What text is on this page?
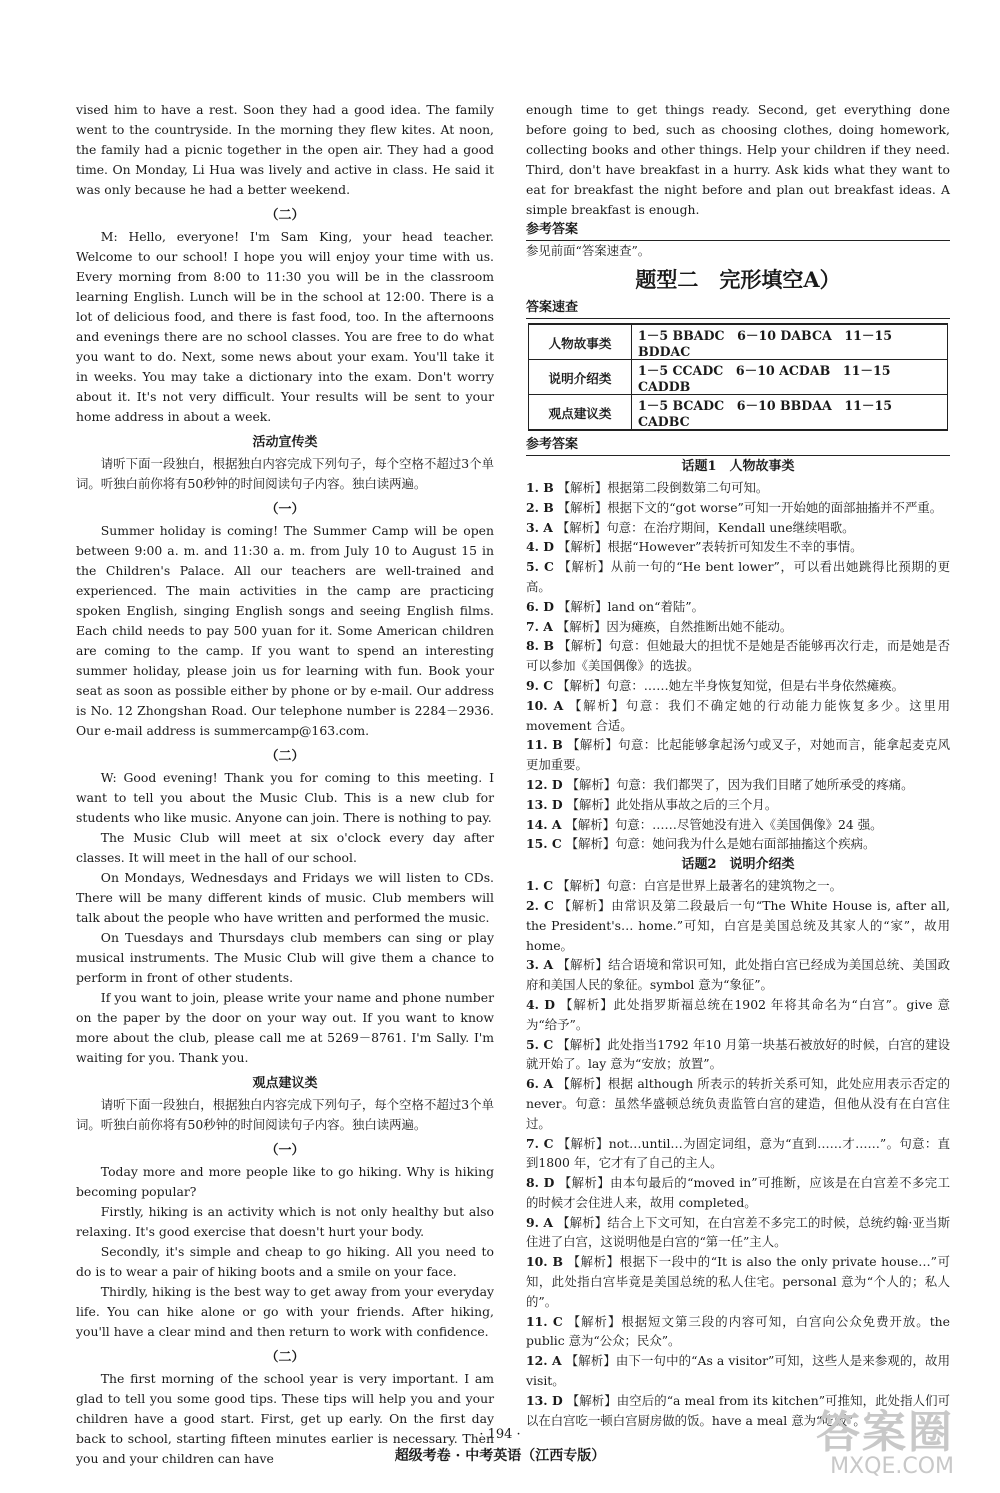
vised him to have a rest. Soon they had a good idea. The family went to the countryside. In the morning they flew kites. At noon, the family had a picnic together in the open air. They had a good time. On Monday, Li Hua was lively and active in class. He said it was only because he had a better weekend.

（二）

M: Hello, everyone! I'm Sam King, your head teacher. Welcome to our school! I hope you will enjoy your time with us. Every morning from 8:00 to 11:30 you will be in the classroom learning English. Lunch will be in the school at 12:00. There is a lot of delicious food, and there is fast food, too. In the afternoons and evenings there are no school classes. You are free to do what you want to do. Next, some news about your exam. You'll take it in weeks. You may take a dictionary into the exam. Don't worry about it. It's not very difficult. Your results will be sent to your home address in about a week.

活动宣传类

请听下面一段独白，根据独白内容完成下列句子，每个空格不超过3个单词。听独白前你将有50秒钟的时间阅读句子内容。独白读两遍。

（一）

Summer holiday is coming! The Summer Camp will be open between 9:00 a. m. and 11:30 a. m. from July 10 to August 15 in the Children's Palace. All our teachers are well-trained and experienced. The main activities in the camp are practicing spoken English, singing English songs and seeing English films. Each child needs to pay 500 yuan for it. Some American children are coming to the camp. If you want to spend an interesting summer holiday, please join us for learning with fun. Book your seat as soon as possible either by phone or by e-mail. Our address is No. 12 Zhongshan Road. Our telephone number is 2284－2936. Our e-mail address is summercamp@163.com.

（二）

W: Good evening! Thank you for coming to this meeting. I want to tell you about the Music Club. This is a new club for students who like music. Anyone can join. There is nothing to pay.

The Music Club will meet at six o'clock every day after classes. It will meet in the hall of our school.

On Mondays, Wednesdays and Fridays we will listen to CDs. There will be many different kinds of music. Club members will talk about the people who have written and performed the music.

On Tuesdays and Thursdays club members can sing or play musical instruments. The Music Club will give them a chance to perform in front of other students.

If you want to join, please write your name and phone number on the paper by the door on your way out. If you want to know more about the club, please call me at 5269－8761. I'm Sally. I'm waiting for you. Thank you.

观点建议类

请听下面一段独白，根据独白内容完成下列句子，每个空格不超过3个单词。听独白前你将有50秒钟的时间阅读句子内容。独白读两遍。

（一）

Today more and more people like to go hiking. Why is hiking becoming popular?

Firstly, hiking is an activity which is not only healthy but also relaxing. It's good exercise that doesn't hurt your body.

Secondly, it's simple and cheap to go hiking. All you need to do is to wear a pair of hiking boots and a smile on your face.

Thirdly, hiking is the best way to get away from your everyday life. You can hike alone or go with your friends. After hiking, you'll have a clear mind and then return to work with confidence.

（二）

The first morning of the school year is very important. I am glad to tell you some good tips. These tips will help you and your children have a good start. First, get up early. On the first day back to school, starting fifteen minutes earlier is necessary. Then you and your children can have

enough time to get things ready. Second, get everything done before going to bed, such as choosing clothes, doing homework, collecting books and other things. Help your children if they need. Third, don't have breakfast in a hurry. Ask kids what they want to eat for breakfast the night before and plan out breakfast ideas. A simple breakfast is enough.

参考答案

参见前面“答案速查”。

题型二　完形填空A）
答案速查
人物故事类	1－5 BBADC　6－10 DABCA　11－15 BDDAC
说明介绍类	1－5 CCADC　6－10 ACDAB　11－15 CADDB
观点建议类	1－5 BCADC　6－10 BBDAA　11－15 CADBC
参考答案
话题1　人物故事类
1. B 【解析】根据第二段倒数第二句可知。
2. B 【解析】根据下文的“got worse”可知一开始她的面部抽搐并不严重。
3. A 【解析】句意：在治疗期间，Kendall une继续唱歌。
4. D 【解析】根据“However”表转折可知发生不幸的事情。
5. C 【解析】从前一句的“He bent lower”，可以看出她跳得比预期的更高。
6. D 【解析】land on“着陆”。
7. A 【解析】因为瘫痪，自然推断出她不能动。
8. B 【解析】句意：但她最大的担忧不是她是否能够再次行走，而是她是否可以参加《美国偶像》的选拔。
9. C 【解析】句意：……她左半身恢复知觉，但是右半身依然瘫痪。
10. A 【解析】句意：我们不确定她的行动能力能恢复多少。这里用movement 合适。
11. B 【解析】句意：比起能够拿起汤勺或叉子，对她而言，能拿起麦克风更加重要。
12. D 【解析】句意：我们都哭了，因为我们目睹了她所承受的疼痛。
13. D 【解析】此处指从事故之后的三个月。
14. A 【解析】句意：……尽管她没有进入《美国偶像》24 强。
15. C 【解析】句意：她问我为什么是她右面部抽搐这个疾病。
话题2　说明介绍类
1. C 【解析】句意：白宫是世界上最著名的建筑物之一。
2. C 【解析】由常识及第二段最后一句“The White House is, after all, the President's… home.”可知，白宫是美国总统及其家人的“家”，故用 home。
3. A 【解析】结合语境和常识可知，此处指白宫已经成为美国总统、美国政府和美国人民的象征。symbol 意为“象征”。
4. D 【解析】此处指罗斯福总统在1902 年将其命名为“白宫”。give 意为“给予”。
5. C 【解析】此处指当1792 年10 月第一块基石被放好的时候，白宫的建设就开始了。lay 意为“安放；放置”。
6. A 【解析】根据 although 所表示的转折关系可知，此处应用表示否定的 never。句意：虽然华盛顿总统负责监管白宫的建造，但他从没有在白宫住过。
7. C 【解析】not…until…为固定词组，意为“直到……才……”。句意：直到1800 年，它才有了自己的主人。
8. D 【解析】由本句最后的“moved in”可推断，应该是在白宫差不多完工的时候才会住进人来，故用 completed。
9. A 【解析】结合上下文可知，在白宫差不多完工的时候，总统约翰·亚当斯住进了白宫，这说明他是白宫的“第一任”主人。
10. B 【解析】根据下一段中的“It is also the only private house…”可知，此处指白宫毕竟是美国总统的私人住宅。personal 意为“个人的；私人的”。
11. C 【解析】根据短文第三段的内容可知，白宫向公众免费开放。the public 意为“公众；民众”。
12. A 【解析】由下一句中的“As a visitor”可知，这些人是来参观的，故用 visit。
13. D 【解析】由空后的“a meal from its kitchen”可推知，此处指人们可以在白宫吃一顿白宫厨房做的饭。have a meal 意为“吃饭”。
· 194 ·
超级考卷 · 中考英语（江西专版）	答案圈
MXQE.COM
